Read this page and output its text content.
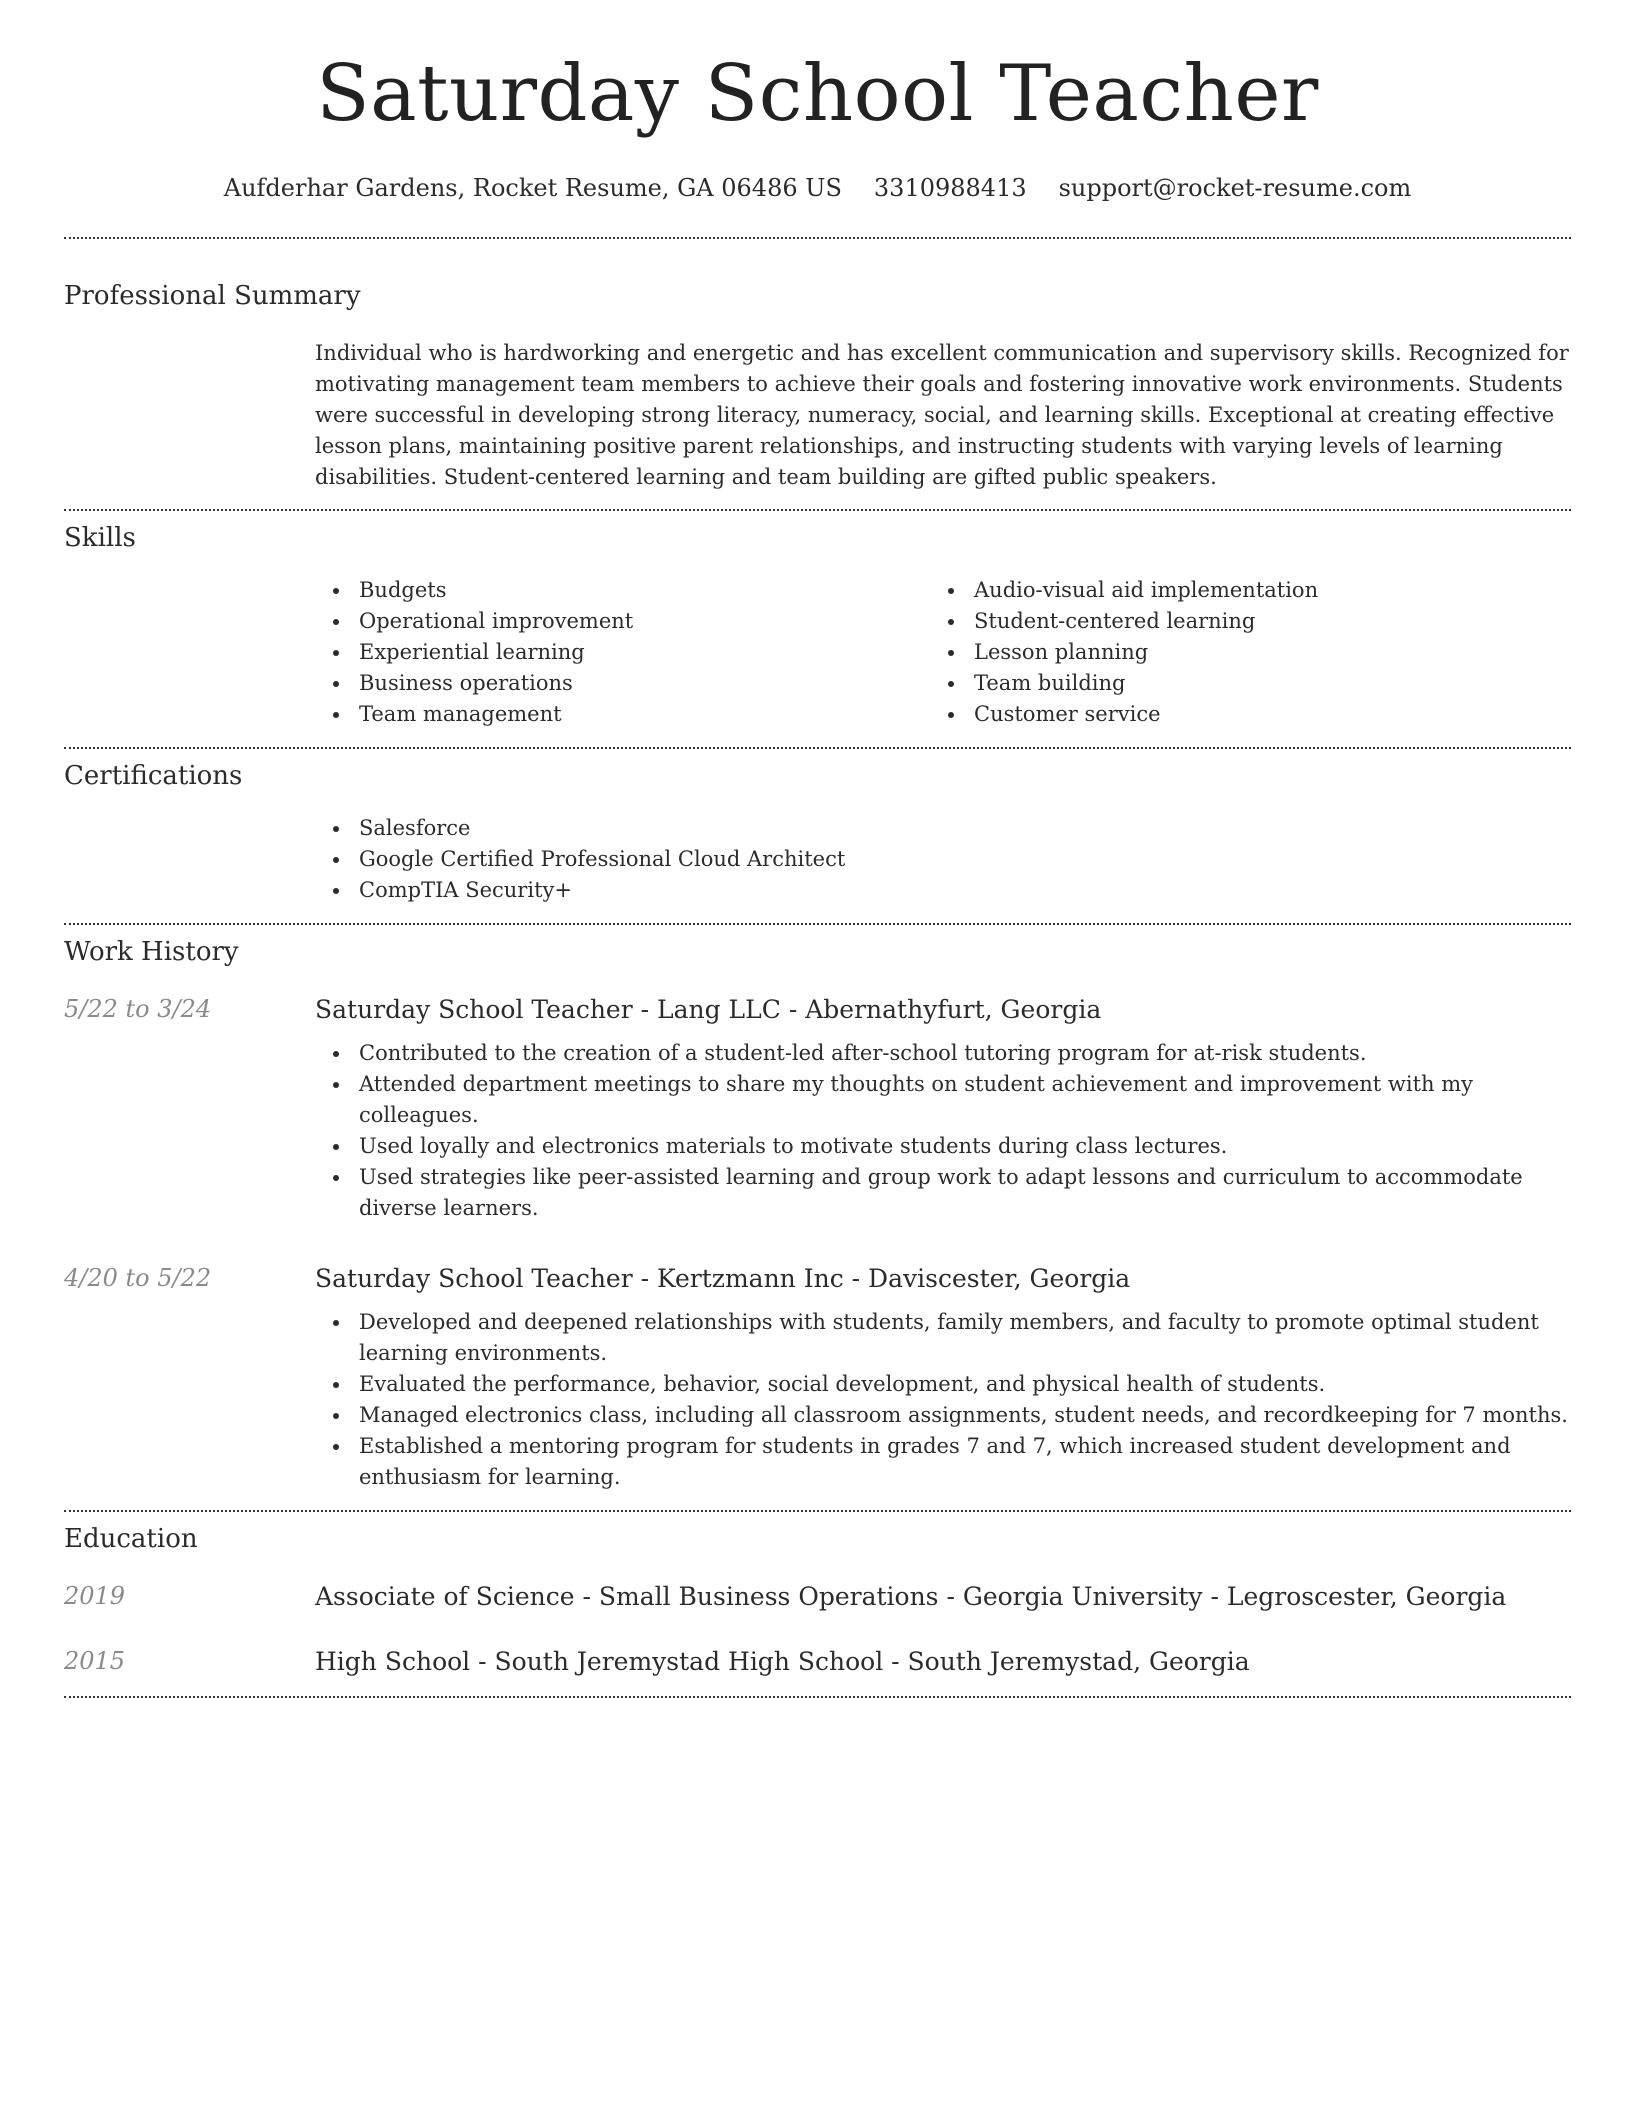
Saturday School Teacher
Aufderhar Gardens, Rocket Resume, GA 06486 US 3310988413 support@rocket-resume.com
Professional Summary
Individual who is hardworking and energetic and has excellent communication and supervisory skills. Recognized for motivating management team members to achieve their goals and fostering innovative work environments. Students were successful in developing strong literacy, numeracy, social, and learning skills. Exceptional at creating effective lesson plans, maintaining positive parent relationships, and instructing students with varying levels of learning disabilities. Student-centered learning and team building are gifted public speakers.
Skills
Budgets
Operational improvement
Experiential learning
Business operations
Team management
Audio-visual aid implementation
Student-centered learning
Lesson planning
Team building
Customer service
Certifications
Salesforce
Google Certified Professional Cloud Architect
CompTIA Security+
Work History
5/22 to 3/24	Saturday School Teacher - Lang LLC - Abernathyfurt, Georgia
Contributed to the creation of a student-led after-school tutoring program for at-risk students.
Attended department meetings to share my thoughts on student achievement and improvement with my colleagues.
Used loyally and electronics materials to motivate students during class lectures.
Used strategies like peer-assisted learning and group work to adapt lessons and curriculum to accommodate diverse learners.
4/20 to 5/22	Saturday School Teacher - Kertzmann Inc - Daviscester, Georgia
Developed and deepened relationships with students, family members, and faculty to promote optimal student learning environments.
Evaluated the performance, behavior, social development, and physical health of students.
Managed electronics class, including all classroom assignments, student needs, and recordkeeping for 7 months.
Established a mentoring program for students in grades 7 and 7, which increased student development and enthusiasm for learning.
Education
2019	Associate of Science - Small Business Operations - Georgia University - Legroscester, Georgia
2015	High School - South Jeremystad High School - South Jeremystad, Georgia
